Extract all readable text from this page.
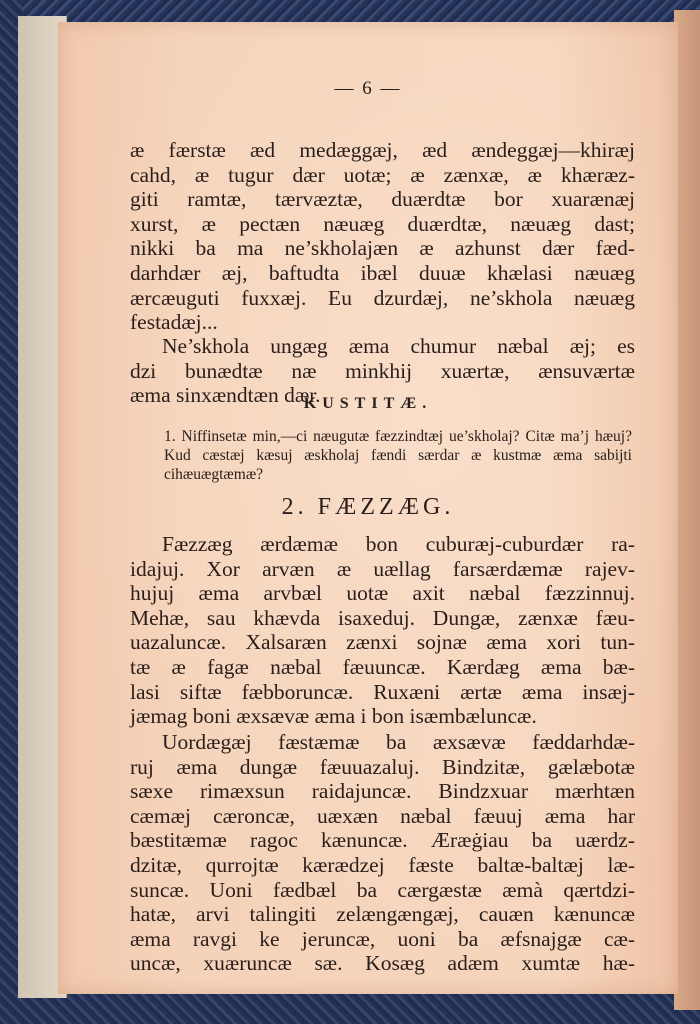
— 6 —
æ færstæ æd medæggæj, æd ændeggæj—khiræj
cahd, æ tugur dær uotæ; æ zænxæ, æ khæræz-
giti ramtæ, tærvæztæ, duærdtæ bor xuarænæj
xurst, æ pectæn næuæg duærdtæ, næuæg dast;
nikki ba ma ne’skholajæn æ azhunst dær fæd-
darhdær æj, baftudta ibæl duuæ khælasi næuæg
ærcæuguti fuxxæj. Eu dzurdæj, ne’skhola næuæg
festadæj...
Ne’skhola ungæg æma chumur næbal æj; es
dzi bunædtæ næ minkhij xuærtæ, ænsuværtæ
æma sinxændtæn dær.
KUSTITÆ.
1. Niffinsetæ min,—ci næugutæ fæzzindtæj ue’skholaj? Citæ ma’j hæuj? Kud cæstæj kæsuj æskholaj fændi særdar æ kustmæ æma sabijti cihæuægtæmæ?
2. FÆZZÆG.
Fæzzæg ærdæmæ bon cuburæj-cuburdær ra-
idajuj. Xor arvæn æ uællag farsærdæmæ rajev-
hujuj æma arvbæl uotæ axit næbal fæzzinnuj.
Mehæ, sau khævda isaxeduj. Dungæ, zænxæ fæu-
uazaluncæ. Xalsaræn zænxi sojnæ æma xori tun-
tæ æ fagæ næbal fæuuncæ. Kærdæg æma bæ-
lasi siftæ fæbboruncæ. Ruxæni ærtæ æma insæj-
jæmag boni æxsævæ æma i bon isæmbæluncæ.
Uordægæj fæstæmæ ba æxsævæ fæddarhdæ-
ruj æma dungæ fæuuazaluj. Bindzitæ, gælæbotæ
sæxe rimæxsun raidajuncæ. Bindzxuar mærhtæn
cæmæj cæroncæ, uæxæn næbal fæuuj æma har
bæstitæmæ ragoc kænuncæ. Æræġiau ba uærdz-
dzitæ, qurrojtæ kærædzej fæste baltæ-baltæj læ-
suncæ. Uoni fædbæl ba cærgæstæ æmà qærtdzi-
hatæ, arvi talingiti zelængængæj, cauæn kænuncæ
æma ravgi ke jeruncæ, uoni ba æfsnajgæ cæ-
uncæ, xuæruncæ sæ. Kosæg adæm xumtæ hæ-
